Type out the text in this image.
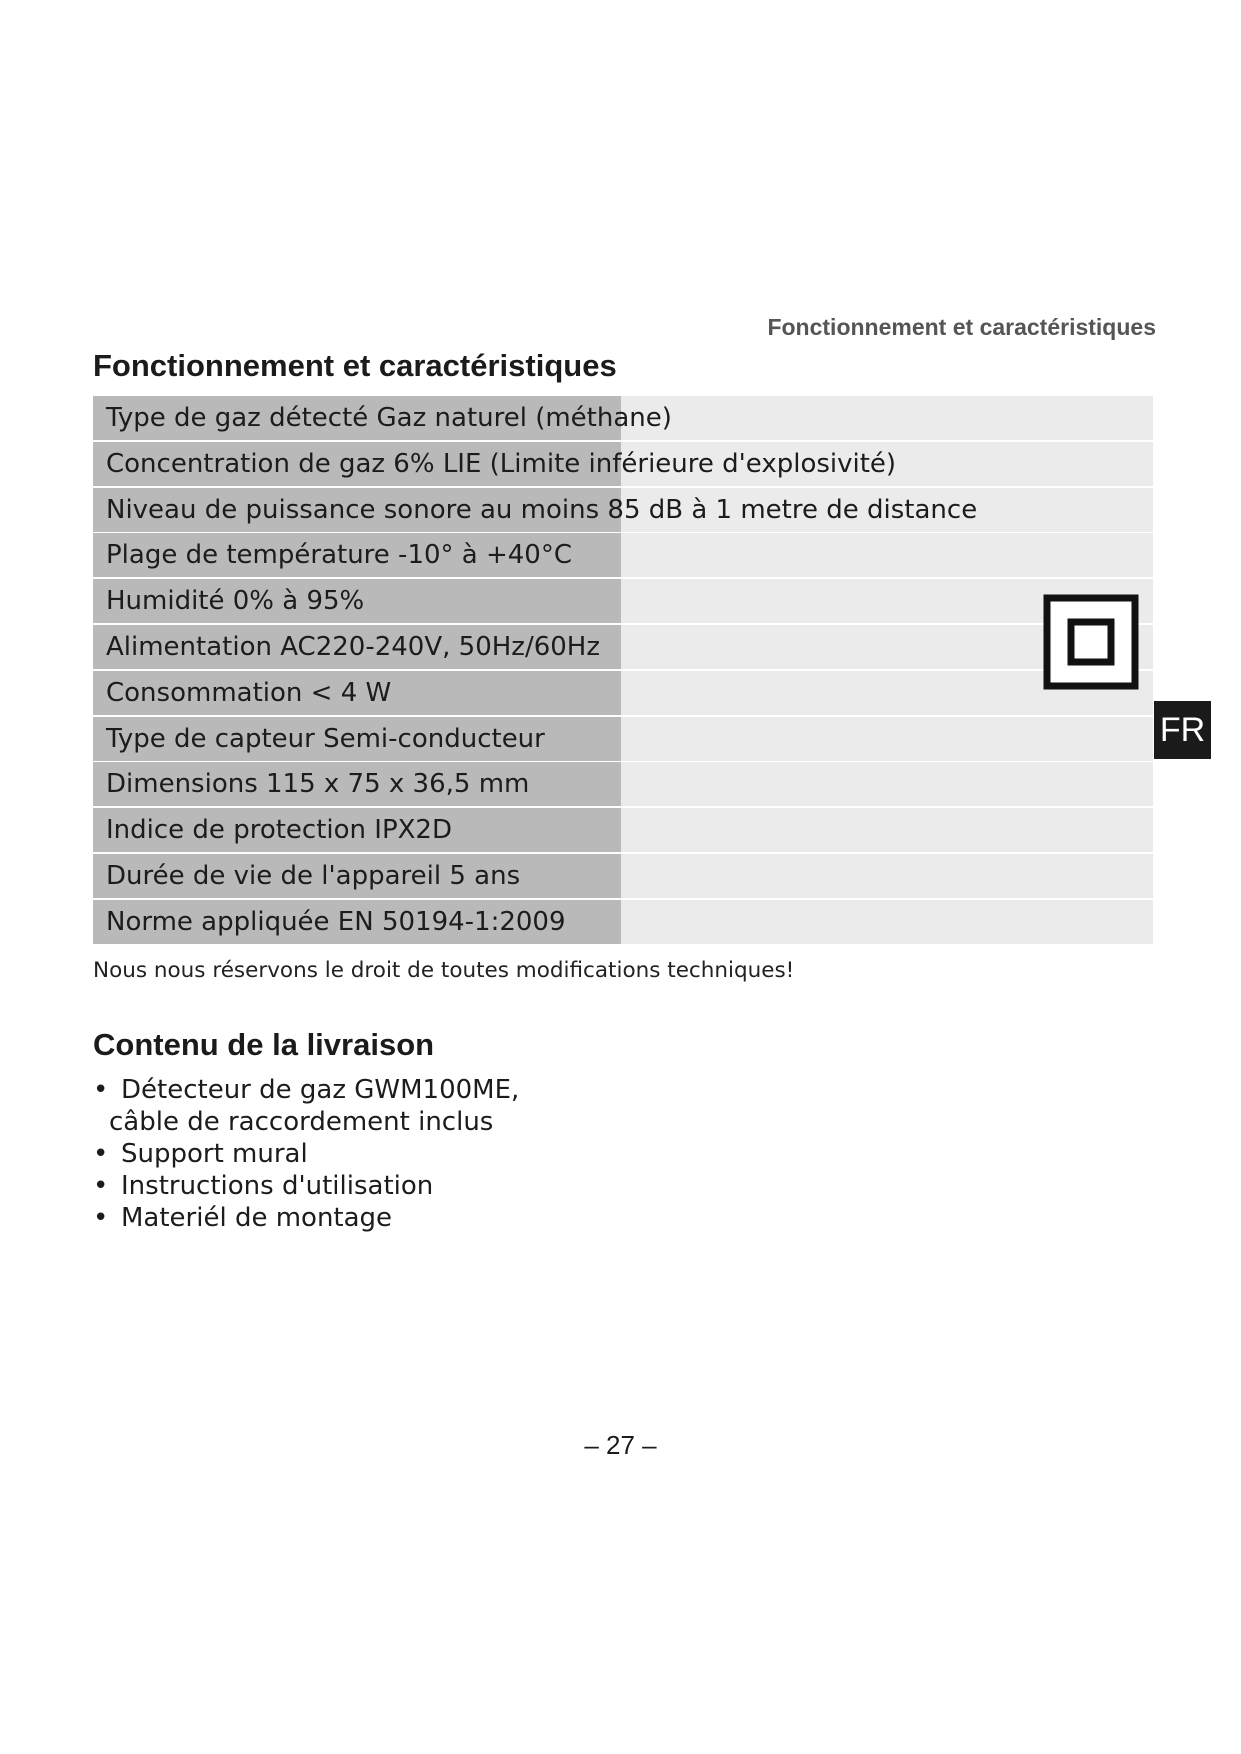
Fonctionnement et caractéristiques
Fonctionnement et caractéristiques
Type de gaz détecté Gaz naturel (méthane)
Concentration de gaz 6% LIE (Limite inférieure d'explosivité)
Niveau de puissance sonore au moins 85 dB à 1 metre de distance
Plage de température -10° à +40°C
Humidité 0% à 95%
Alimentation AC220-240V, 50Hz/60Hz
Consommation < 4 W
Type de capteur Semi-conducteur
Dimensions 115 x 75 x 36,5 mm
Indice de protection IPX2D
Durée de vie de l'appareil 5 ans
Norme appliquée EN 50194-1:2009
FR
Nous nous réservons le droit de toutes modifications techniques!
Contenu de la livraison
• Détecteur de gaz GWM100ME,
câble de raccordement inclus
• Support mural
• Instructions d'utilisation
• Materiél de montage
– 27 –
